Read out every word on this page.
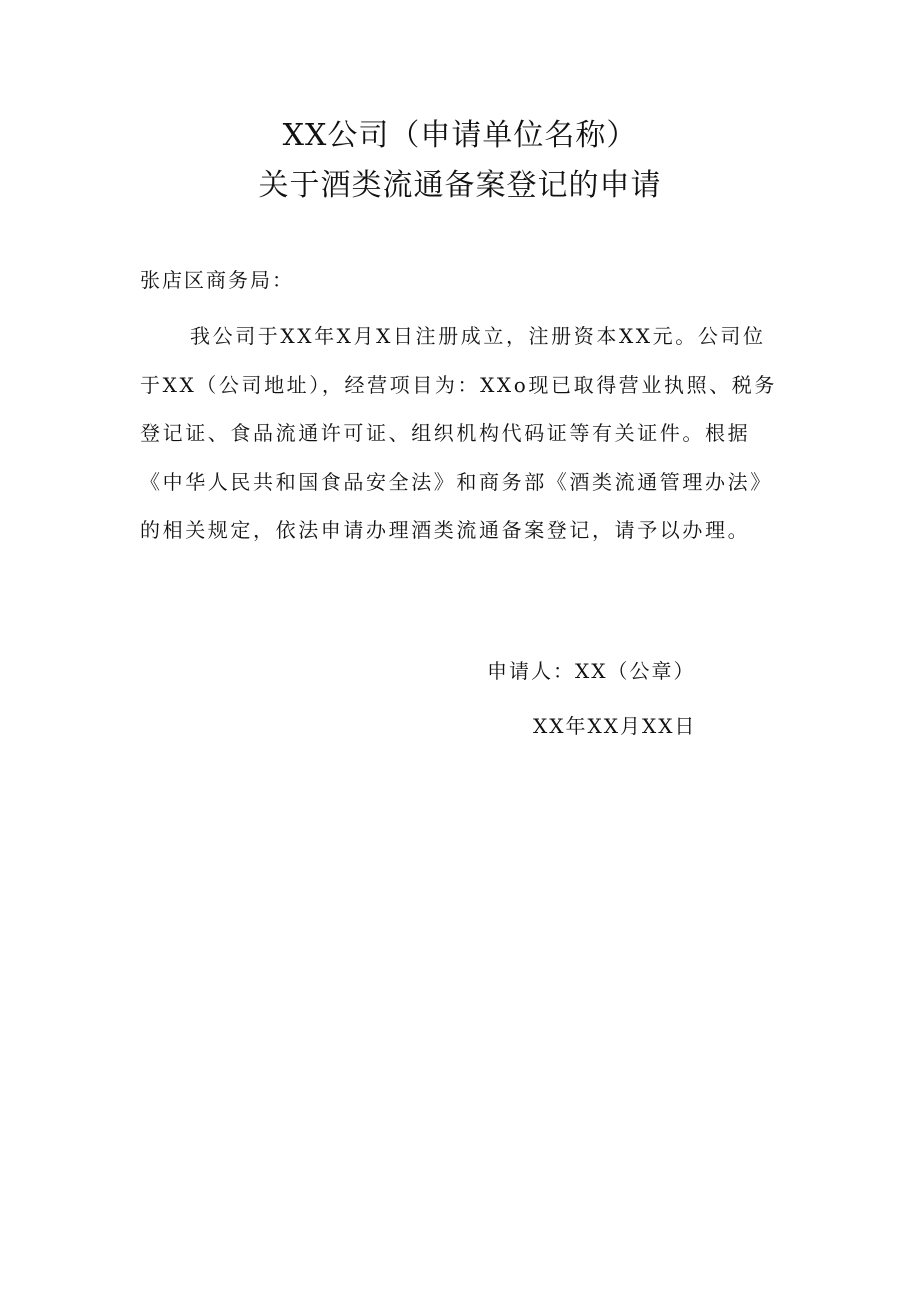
XX公司（申请单位名称）
关于酒类流通备案登记的申请
张店区商务局：
我公司于XX年X月X日注册成立，注册资本XX元。公司位
于XX（公司地址），经营项目为：XXo现已取得营业执照、税务
登记证、食品流通许可证、组织机构代码证等有关证件。根据
《中华人民共和国食品安全法》和商务部《酒类流通管理办法》
的相关规定，依法申请办理酒类流通备案登记，请予以办理。
申请人：XX（公章）
XX年XX月XX日
